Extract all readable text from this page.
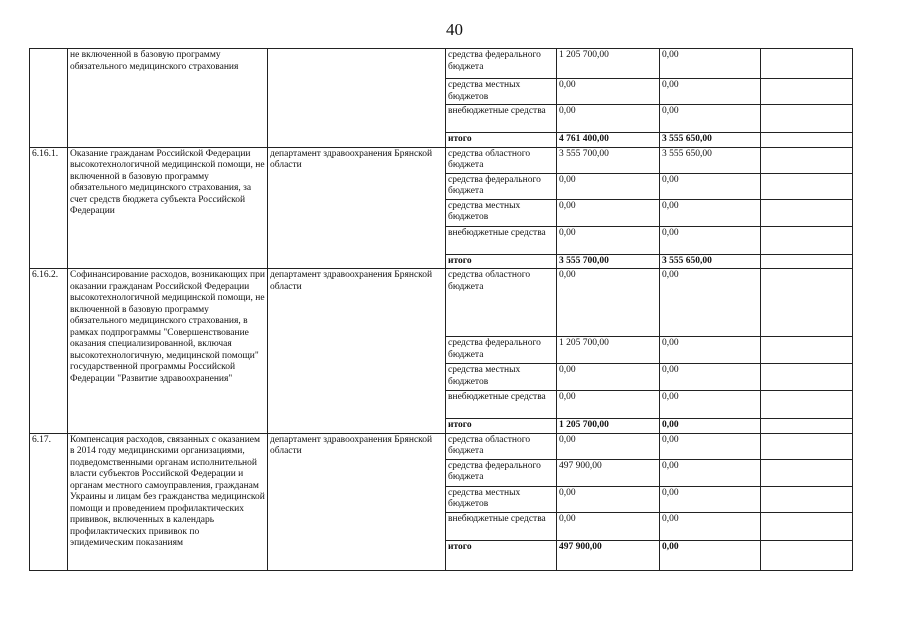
40
	не включенной в базовую программу обязательного медицинского страхования		средства федерального бюджета	1 205 700,00	0,00	
			средства местных бюджетов	0,00	0,00	
			внебюджетные средства	0,00	0,00	
			итого	4 761 400,00	3 555 650,00	
6.16.1.	Оказание гражданам Российской Федерации высокотехнологичной медицинской помощи, не включенной в базовую программу обязательного медицинского страхования, за счет средств бюджета субъекта Российской Федерации	департамент здравоохранения Брянской области	средства областного бюджета	3 555 700,00	3 555 650,00	
			средства федерального бюджета	0,00	0,00	
			средства местных бюджетов	0,00	0,00	
			внебюджетные средства	0,00	0,00	
			итого	3 555 700,00	3 555 650,00	
6.16.2.	Софинансирование расходов, возникающих при оказании гражданам Российской Федерации высокотехнологичной медицинской помощи, не включенной в базовую программу обязательного медицинского страхования, в рамках подпрограммы "Совершенствование оказания специализированной, включая высокотехнологичную, медицинской помощи" государственной программы Российской Федерации "Развитие здравоохранения"	департамент здравоохранения Брянской области	средства областного бюджета	0,00	0,00	
			средства федерального бюджета	1 205 700,00	0,00	
			средства местных бюджетов	0,00	0,00	
			внебюджетные средства	0,00	0,00	
			итого	1 205 700,00	0,00	
6.17.	Компенсация расходов, связанных с оказанием в 2014 году медицинскими организациями, подведомственными органам исполнительной власти субъектов Российской Федерации и органам местного самоуправления, гражданам Украины и лицам без гражданства медицинской помощи и проведением профилактических прививок, включенных в календарь профилактических прививок по эпидемическим показаниям	департамент здравоохранения Брянской области	средства областного бюджета	0,00	0,00	
			средства федерального бюджета	497 900,00	0,00	
			средства местных бюджетов	0,00	0,00	
			внебюджетные средства	0,00	0,00	
			итого	497 900,00	0,00	
